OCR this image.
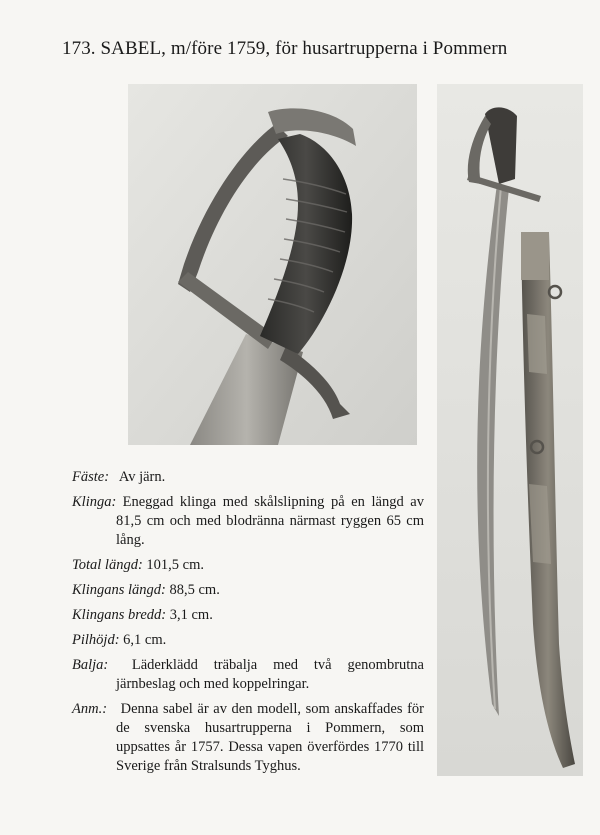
173. SABEL, m/före 1759, för husartrupperna i Pommern
Fäste: Av järn.
Klinga: Eneggad klinga med skålslipning på en längd av 81,5 cm och med blodränna närmast ryggen 65 cm lång.
Total längd: 101,5 cm.
Klingans längd: 88,5 cm.
Klingans bredd: 3,1 cm.
Pilhöjd: 6,1 cm.
Balja: Läderklädd träbalja med två genombrutna järnbeslag och med koppelringar.
Anm.: Denna sabel är av den modell, som anskaffades för de svenska husartrupperna i Pommern, som uppsattes år 1757. Dessa vapen överfördes 1770 till Sverige från Stralsunds Tyghus.
